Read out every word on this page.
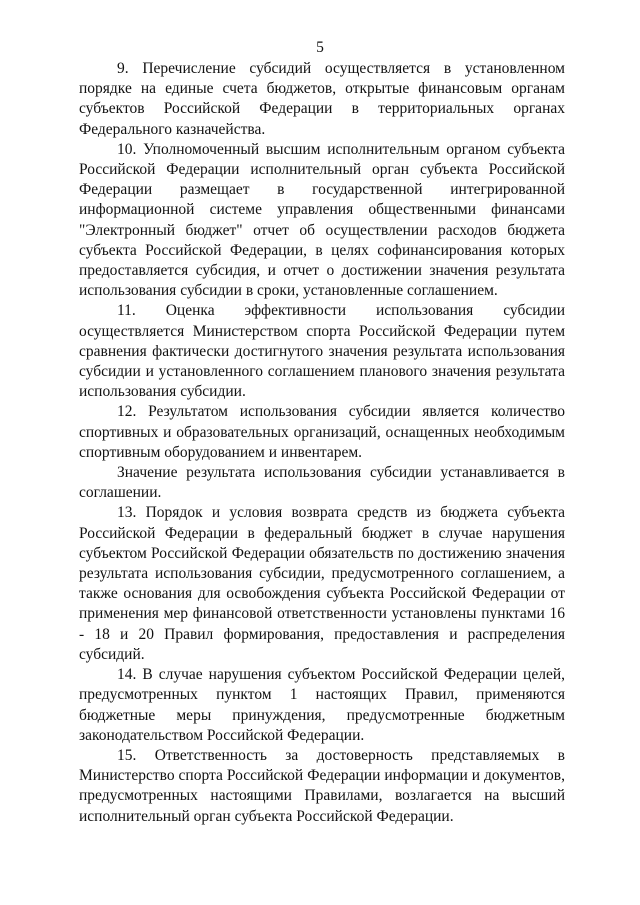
5

9. Перечисление субсидий осуществляется в установленном порядке на единые счета бюджетов, открытые финансовым органам субъектов Российской Федерации в территориальных органах Федерального казначейства.

10. Уполномоченный высшим исполнительным органом субъекта Российской Федерации исполнительный орган субъекта Российской Федерации размещает в государственной интегрированной информационной системе управления общественными финансами "Электронный бюджет" отчет об осуществлении расходов бюджета субъекта Российской Федерации, в целях софинансирования которых предоставляется субсидия, и отчет о достижении значения результата использования субсидии в сроки, установленные соглашением.

11. Оценка эффективности использования субсидии осуществляется Министерством спорта Российской Федерации путем сравнения фактически достигнутого значения результата использования субсидии и установленного соглашением планового значения результата использования субсидии.

12. Результатом использования субсидии является количество спортивных и образовательных организаций, оснащенных необходимым спортивным оборудованием и инвентарем.

Значение результата использования субсидии устанавливается в соглашении.

13. Порядок и условия возврата средств из бюджета субъекта Российской Федерации в федеральный бюджет в случае нарушения субъектом Российской Федерации обязательств по достижению значения результата использования субсидии, предусмотренного соглашением, а также основания для освобождения субъекта Российской Федерации от применения мер финансовой ответственности установлены пунктами 16 - 18 и 20 Правил формирования, предоставления и распределения субсидий.

14. В случае нарушения субъектом Российской Федерации целей, предусмотренных пунктом 1 настоящих Правил, применяются бюджетные меры принуждения, предусмотренные бюджетным законодательством Российской Федерации.

15. Ответственность за достоверность представляемых в Министерство спорта Российской Федерации информации и документов, предусмотренных настоящими Правилами, возлагается на высший исполнительный орган субъекта Российской Федерации.
